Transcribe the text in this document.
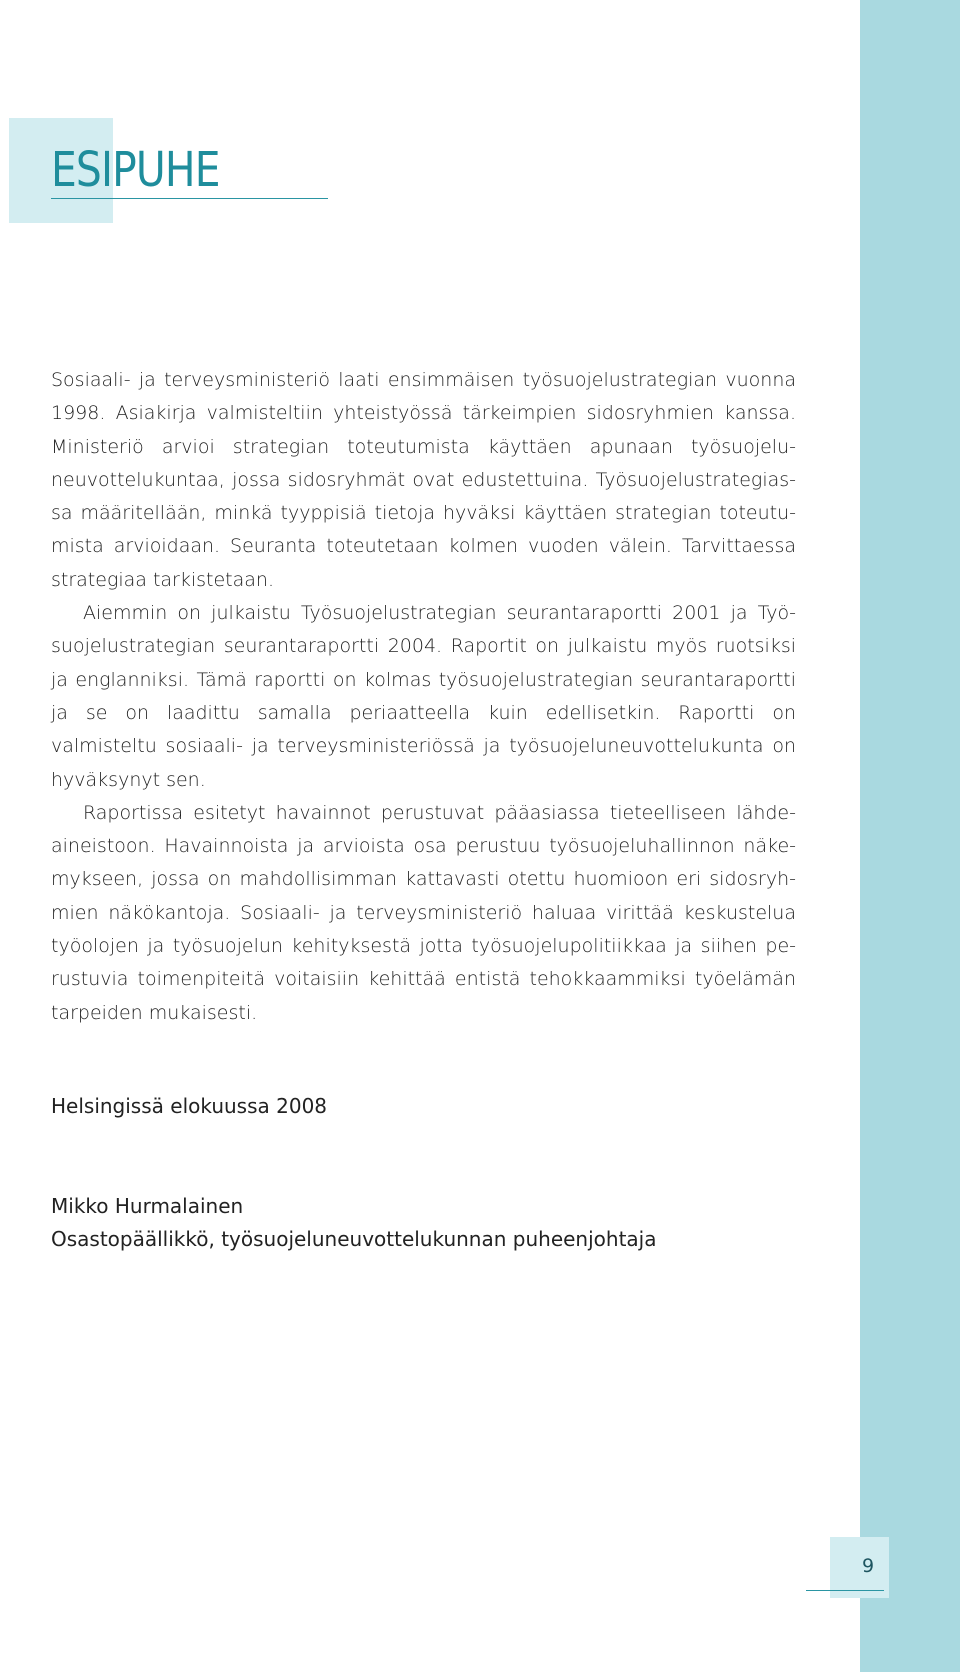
ESIPUHE

Sosiaali- ja terveysministeriö laati ensimmäisen työsuojelustrategian vuonna 1998. Asiakirja valmisteltiin yhteistyössä tärkeimpien sidosryhmien kanssa. Ministeriö arvioi strategian toteutumista käyttäen apunaan työsuojeluneuvottelukuntaa, jossa sidosryhmät ovat edustettuina. Työsuojelustrategiassa määritellään, minkä tyyppisiä tietoja hyväksi käyttäen strategian toteutumista arvioidaan. Seuranta toteutetaan kolmen vuoden välein. Tarvittaessa strategiaa tarkistetaan.

Aiemmin on julkaistu Työsuojelustrategian seurantaraportti 2001 ja Työsuojelustrategian seurantaraportti 2004. Raportit on julkaistu myös ruotsiksi ja englanniksi. Tämä raportti on kolmas työsuojelustrategian seurantaraportti ja se on laadittu samalla periaatteella kuin edellisetkin. Raportti on valmisteltu sosiaali- ja terveysministeriössä ja työsuojeluneuvottelukunta on hyväksynyt sen.

Raportissa esitetyt havainnot perustuvat pääasiassa tieteelliseen lähdeaineistoon. Havainnoista ja arvioista osa perustuu työsuojeluhallinnon näkemykseen, jossa on mahdollisimman kattavasti otettu huomioon eri sidosryhmien näkökantoja. Sosiaali- ja terveysministeriö haluaa virittää keskustelua työolojen ja työsuojelun kehityksestä jotta työsuojelupolitiikkaa ja siihen perustuvia toimenpiteitä voitaisiin kehittää entistä tehokkaammiksi työelämän tarpeiden mukaisesti.

Helsingissä elokuussa 2008
Mikko Hurmalainen
Osastopäällikkö, työsuojeluneuvottelukunnan puheenjohtaja
9
